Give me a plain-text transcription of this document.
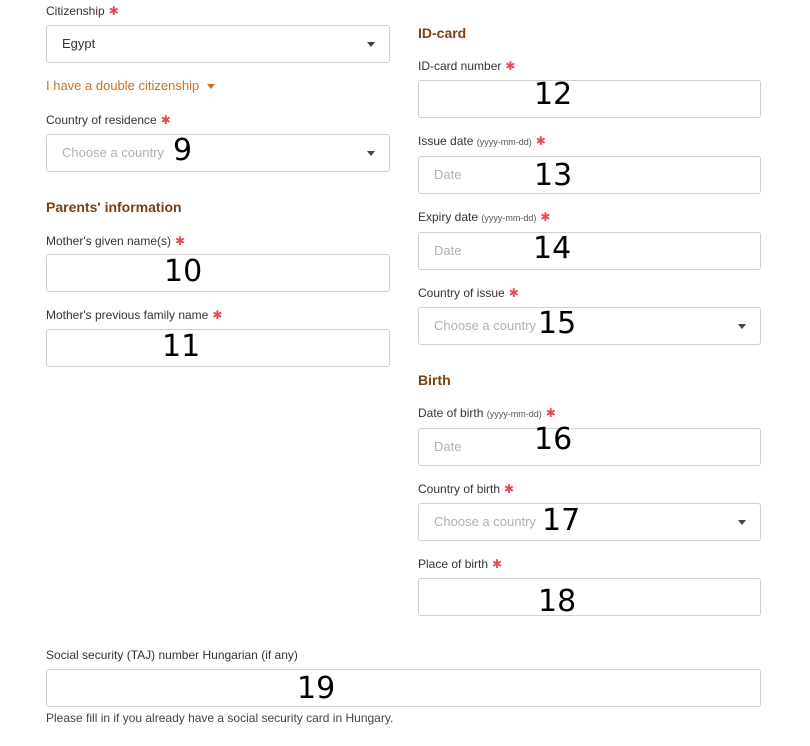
Citizenship ✱
Egypt
I have a double citizenship
Country of residence ✱
Choose a country 9
Parents' information
Mother's given name(s) ✱
10
Mother's previous family name ✱
11
ID-card
ID-card number ✱
12
Issue date (yyyy-mm-dd) ✱
Date 13
Expiry date (yyyy-mm-dd) ✱
Date 14
Country of issue ✱
Choose a country 15
Birth
Date of birth (yyyy-mm-dd) ✱
Date 16
Country of birth ✱
Choose a country 17
Place of birth ✱
18
Social security (TAJ) number Hungarian (if any)
19
Please fill in if you already have a social security card in Hungary.
